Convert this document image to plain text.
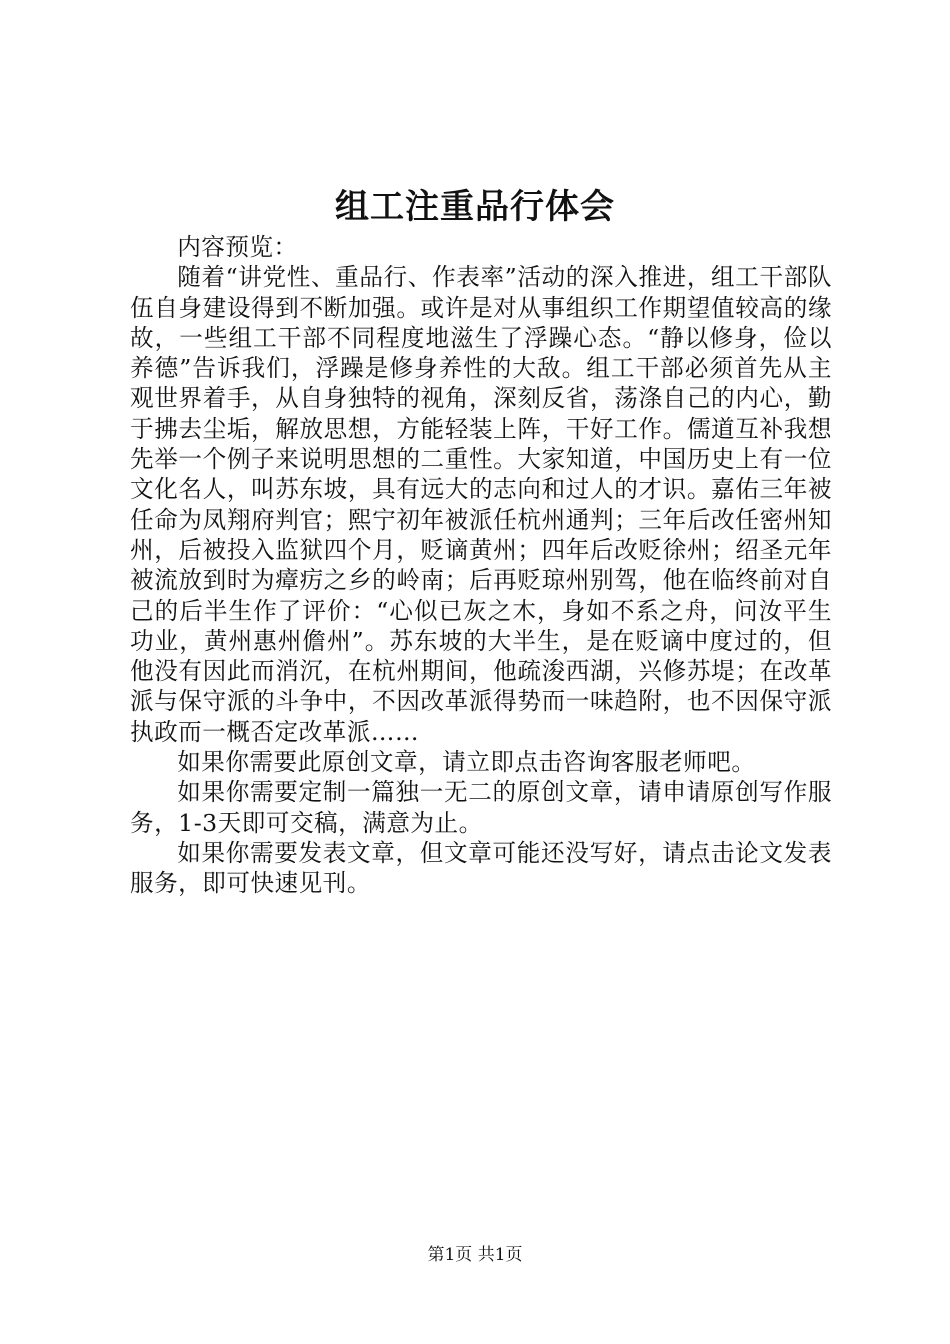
组工注重品行体会

内容预览：

随着“讲党性、重品行、作表率”活动的深入推进，组工干部队伍自身建设得到不断加强。或许是对从事组织工作期望值较高的缘故，一些组工干部不同程度地滋生了浮躁心态。“静以修身，俭以养德”告诉我们，浮躁是修身养性的大敌。组工干部必须首先从主观世界着手，从自身独特的视角，深刻反省，荡涤自己的内心，勤于拂去尘垢，解放思想，方能轻装上阵，干好工作。儒道互补我想先举一个例子来说明思想的二重性。大家知道，中国历史上有一位文化名人，叫苏东坡，具有远大的志向和过人的才识。嘉佑三年被任命为凤翔府判官；熙宁初年被派任杭州通判；三年后改任密州知州，后被投入监狱四个月，贬谪黄州；四年后改贬徐州；绍圣元年被流放到时为瘴疠之乡的岭南；后再贬琼州别驾，他在临终前对自己的后半生作了评价：“心似已灰之木，身如不系之舟，问汝平生功业，黄州惠州儋州”。苏东坡的大半生，是在贬谪中度过的，但他没有因此而消沉，在杭州期间，他疏浚西湖，兴修苏堤；在改革派与保守派的斗争中，不因改革派得势而一味趋附，也不因保守派执政而一概否定改革派……

如果你需要此原创文章，请立即点击咨询客服老师吧。

如果你需要定制一篇独一无二的原创文章，请申请原创写作服务，1-3天即可交稿，满意为止。

如果你需要发表文章，但文章可能还没写好，请点击论文发表服务，即可快速见刊。

第1页 共1页
